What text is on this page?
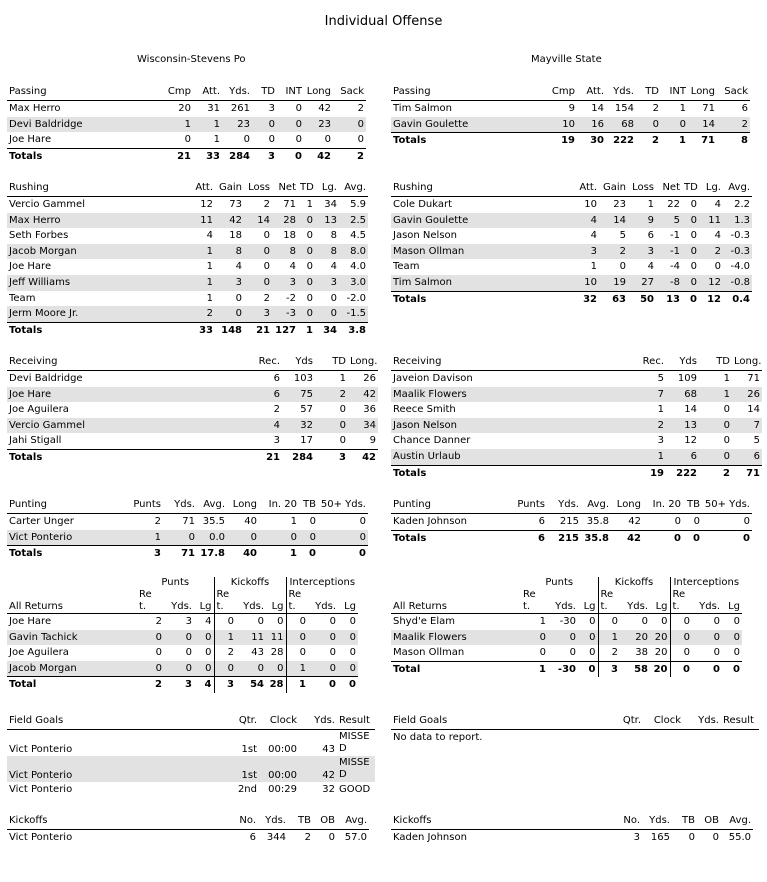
Individual Offense
Wisconsin-Stevens Po	Mayville State
Passing	Cmp	Att.	Yds.	TD	INT	Long	Sack
Max Herro	20	31	261	3	0	42	2
Devi Baldridge	1	1	23	0	0	23	0
Joe Hare	0	1	0	0	0	0	0
Totals	21	33	284	3	0	42	2
Passing	Cmp	Att.	Yds.	TD	INT	Long	Sack
Tim Salmon	9	14	154	2	1	71	6
Gavin Goulette	10	16	68	0	0	14	2
Totals	19	30	222	2	1	71	8
Rushing	Att.	Gain	Loss	Net	TD	Lg.	Avg.
Vercio Gammel	12	73	2	71	1	34	5.9
Max Herro	11	42	14	28	0	13	2.5
Seth Forbes	4	18	0	18	0	8	4.5
Jacob Morgan	1	8	0	8	0	8	8.0
Joe Hare	1	4	0	4	0	4	4.0
Jeff Williams	1	3	0	3	0	3	3.0
Team	1	0	2	-2	0	0	-2.0
Jerm Moore Jr.	2	0	3	-3	0	0	-1.5
Totals	33	148	21	127	1	34	3.8
Rushing	Att.	Gain	Loss	Net	TD	Lg.	Avg.
Cole Dukart	10	23	1	22	0	4	2.2
Gavin Goulette	4	14	9	5	0	11	1.3
Jason Nelson	4	5	6	-1	0	4	-0.3
Mason Ollman	3	2	3	-1	0	2	-0.3
Team	1	0	4	-4	0	0	-4.0
Tim Salmon	10	19	27	-8	0	12	-0.8
Totals	32	63	50	13	0	12	0.4
Receiving	Rec.	Yds	TD	Long.
Devi Baldridge	6	103	1	26
Joe Hare	6	75	2	42
Joe Aguilera	2	57	0	36
Vercio Gammel	4	32	0	34
Jahi Stigall	3	17	0	9
Totals	21	284	3	42
Receiving	Rec.	Yds	TD	Long.
Javeion Davison	5	109	1	71
Maalik Flowers	7	68	1	26
Reece Smith	1	14	0	14
Jason Nelson	2	13	0	7
Chance Danner	3	12	0	5
Austin Urlaub	1	6	0	6
Totals	19	222	2	71
Punting	Punts	Yds.	Avg.	Long	In. 20	TB	50+ Yds.
Carter Unger	2	71	35.5	40	1	0	0
Vict Ponterio	1	0	0.0	0	0	0	0
Totals	3	71	17.8	40	1	0	0
Punting	Punts	Yds.	Avg.	Long	In. 20	TB	50+ Yds.
Kaden Johnson	6	215	35.8	42	0	0	0
Totals	6	215	35.8	42	0	0	0
	Punts			Kickoffs			Interceptions		
	Re			Re			Re		
All Returns	t.	Yds.	Lg	t.	Yds.	Lg	t.	Yds.	Lg
Joe Hare	2	3	4	0	0	0	0	0	0
Gavin Tachick	0	0	0	1	11	11	0	0	0
Joe Aguilera	0	0	0	2	43	28	0	0	0
Jacob Morgan	0	0	0	0	0	0	1	0	0
Total	2	3	4	3	54	28	1	0	0
	Punts			Kickoffs			Interceptions		
	Re			Re			Re		
All Returns	t.	Yds.	Lg	t.	Yds.	Lg	t.	Yds.	Lg
Shyd'e Elam	1	-30	0	0	0	0	0	0	0
Maalik Flowers	0	0	0	1	20	20	0	0	0
Mason Ollman	0	0	0	2	38	20	0	0	0
Total	1	-30	0	3	58	20	0	0	0
Field Goals	Qtr.	Clock	Yds.	Result
Vict Ponterio	1st	00:00	43	MISSE
D

Vict Ponterio	1st	00:00	42	MISSE
D

Vict Ponterio	2nd	00:29	32	GOOD
Field Goals	Qtr.	Clock	Yds.	Result
No data to report.
Kickoffs	No.	Yds.	TB	OB	Avg.
Vict Ponterio	6	344	2	0	57.0
Kickoffs	No.	Yds.	TB	OB	Avg.
Kaden Johnson	3	165	0	0	55.0
